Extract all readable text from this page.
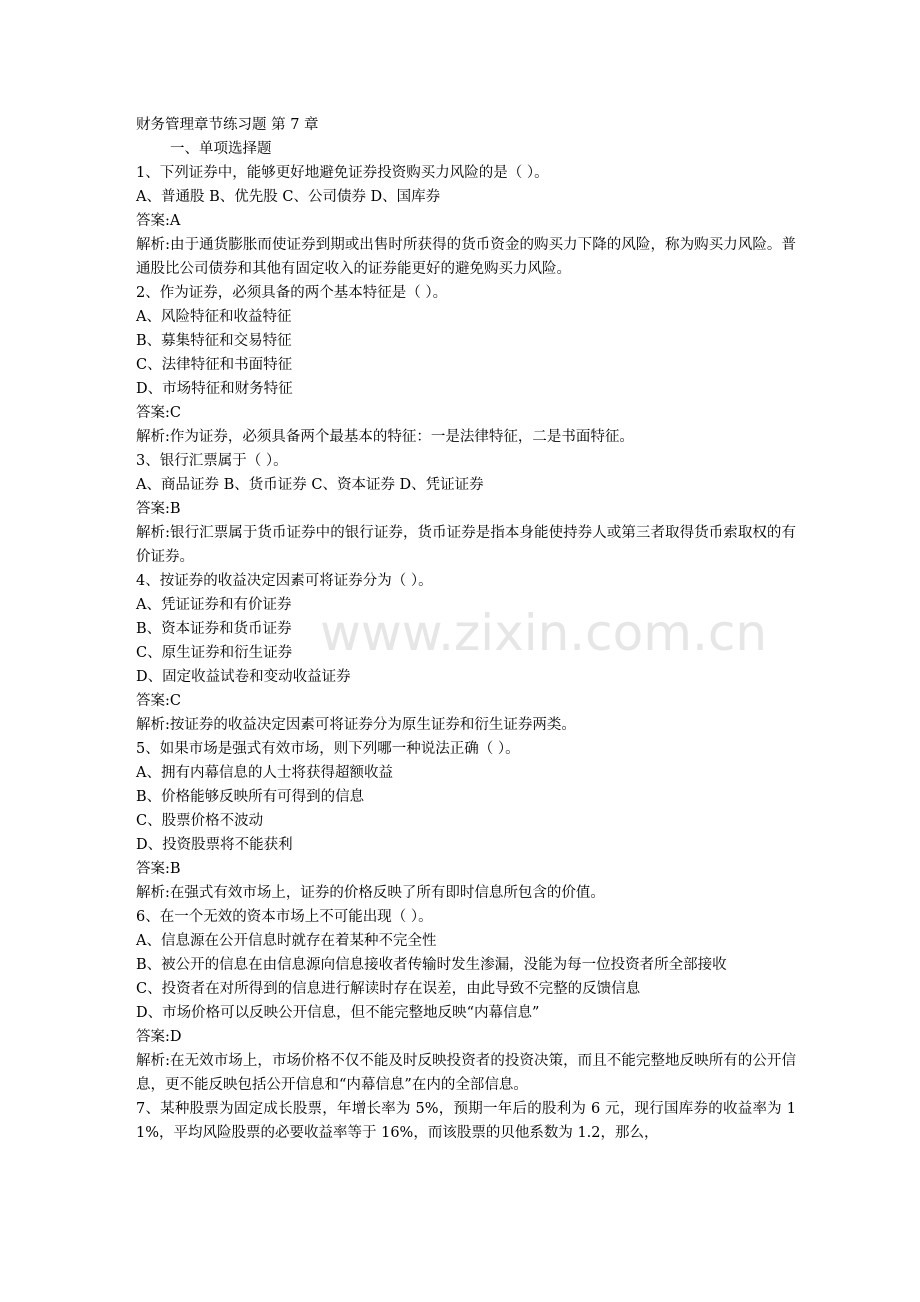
www.zixin.com.cn
财务管理章节练习题 第 7 章
一、单项选择题
1、下列证券中，能够更好地避免证券投资购买力风险的是（ ）。
A、普通股 B、优先股 C、公司债券 D、国库券
答案:A
解析:由于通货膨胀而使证券到期或出售时所获得的货币资金的购买力下降的风险，称为购买力风险。普通股比公司债券和其他有固定收入的证券能更好的避免购买力风险。
2、作为证券，必须具备的两个基本特征是（ ）。
A、风险特征和收益特征
B、募集特征和交易特征
C、法律特征和书面特征
D、市场特征和财务特征
答案:C
解析:作为证券，必须具备两个最基本的特征：一是法律特征，二是书面特征。
3、银行汇票属于（ ）。
A、商品证券 B、货币证券 C、资本证券 D、凭证证券
答案:B
解析:银行汇票属于货币证券中的银行证券，货币证券是指本身能使持券人或第三者取得货币索取权的有价证券。
4、按证券的收益决定因素可将证券分为（ ）。
A、凭证证券和有价证券
B、资本证券和货币证券
C、原生证券和衍生证券
D、固定收益试卷和变动收益证券
答案:C
解析:按证券的收益决定因素可将证券分为原生证券和衍生证券两类。
5、如果市场是强式有效市场，则下列哪一种说法正确（ ）。
A、拥有内幕信息的人士将获得超额收益
B、价格能够反映所有可得到的信息
C、股票价格不波动
D、投资股票将不能获利
答案:B
解析:在强式有效市场上，证券的价格反映了所有即时信息所包含的价值。
6、在一个无效的资本市场上不可能出现（ ）。
A、信息源在公开信息时就存在着某种不完全性
B、被公开的信息在由信息源向信息接收者传输时发生渗漏，没能为每一位投资者所全部接收
C、投资者在对所得到的信息进行解读时存在误差，由此导致不完整的反馈信息
D、市场价格可以反映公开信息，但不能完整地反映“内幕信息”
答案:D
解析:在无效市场上，市场价格不仅不能及时反映投资者的投资决策，而且不能完整地反映所有的公开信息，更不能反映包括公开信息和“内幕信息”在内的全部信息。
7、某种股票为固定成长股票，年增长率为 5%，预期一年后的股利为 6 元，现行国库券的收益率为 11%，平均风险股票的必要收益率等于 16%，而该股票的贝他系数为 1.2，那么，
